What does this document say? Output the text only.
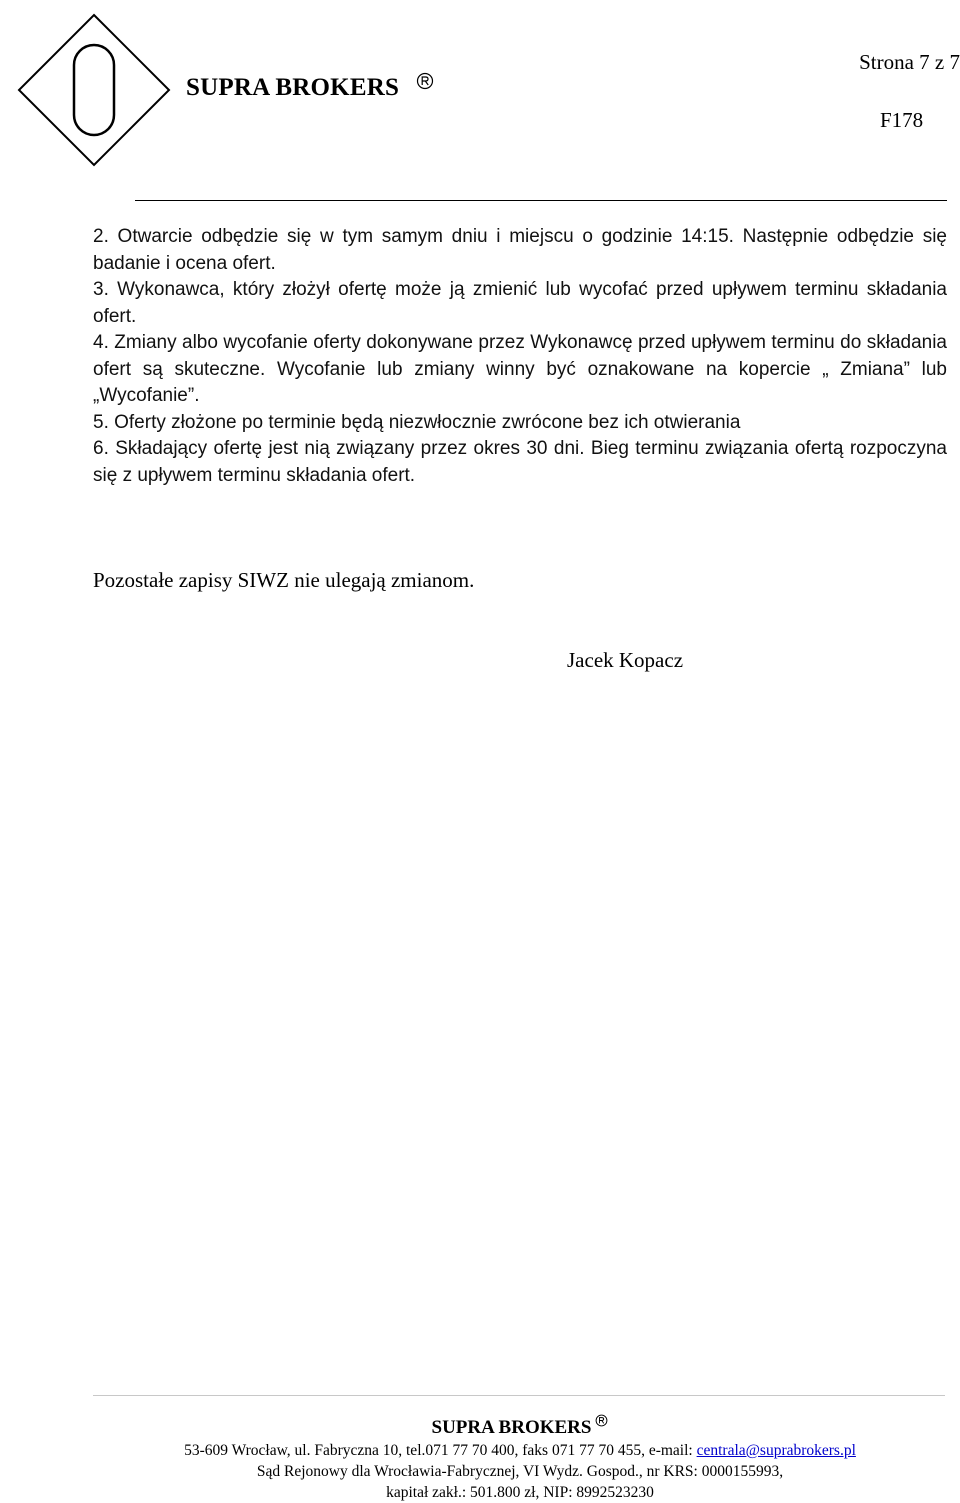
SUPRA BROKERS
Strona 7 z 7
F178

2. Otwarcie odbędzie się w tym samym dniu i miejscu o godzinie 14:15. Następnie odbędzie się badanie i ocena ofert.

3. Wykonawca, który złożył ofertę może ją zmienić lub wycofać przed upływem terminu składania ofert.

4. Zmiany albo wycofanie oferty dokonywane przez Wykonawcę przed upływem terminu do składania ofert są skuteczne. Wycofanie lub zmiany winny być oznakowane na kopercie „ Zmiana” lub „Wycofanie”.

5. Oferty złożone po terminie będą niezwłocznie zwrócone bez ich otwierania

6. Składający ofertę jest nią związany przez okres 30 dni. Bieg terminu związania ofertą rozpoczyna się z upływem terminu składania ofert.

Pozostałe zapisy SIWZ nie ulegają zmianom.
Jacek Kopacz
SUPRA BROKERS
53-609 Wrocław, ul. Fabryczna 10, tel.071 77 70 400, faks 071 77 70 455, e-mail: centrala@suprabrokers.pl
Sąd Rejonowy dla Wrocławia-Fabrycznej, VI Wydz. Gospod., nr KRS: 0000155993,
kapitał zakł.: 501.800 zł, NIP: 8992523230
